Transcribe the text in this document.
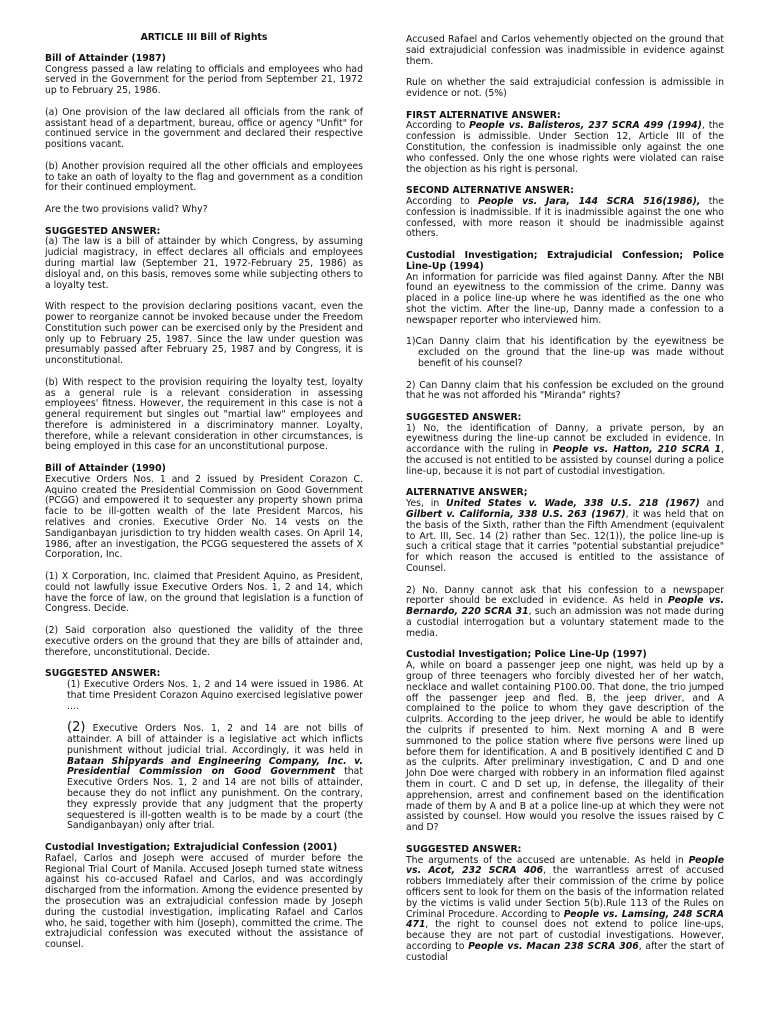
ARTICLE III Bill of Rights

Bill of Attainder (1987)

Congress passed a law relating to officials and employees who had served in the Government for the period from September 21, 1972 up to February 25, 1986.

(a) One provision of the law declared all officials from the rank of assistant head of a department, bureau, office or agency "Unfit" for continued service in the government and declared their respective positions vacant.

(b) Another provision required all the other officials and employees to take an oath of loyalty to the flag and government as a condition for their continued employment.

Are the two provisions valid? Why?

SUGGESTED ANSWER:

(a) The law is a bill of attainder by which Congress, by assuming judicial magistracy, in effect declares all officials and employees during martial law (September 21, 1972-February 25, 1986) as disloyal and, on this basis, removes some while subjecting others to a loyalty test.

With respect to the provision declaring positions vacant, even the power to reorganize cannot be invoked because under the Freedom Constitution such power can be exercised only by the President and only up to February 25, 1987. Since the law under question was presumably passed after February 25, 1987 and by Congress, it is unconstitutional.

(b) With respect to the provision requiring the loyalty test, loyalty as a general rule is a relevant consideration in assessing employees' fitness. However, the requirement in this case is not a general requirement but singles out "martial law" employees and therefore is administered in a discriminatory manner. Loyalty, therefore, while a relevant consideration in other circumstances, is being employed in this case for an unconstitutional purpose.

Bill of Attainder (1990)

Executive Orders Nos. 1 and 2 issued by President Corazon C. Aquino created the Presidential Commission on Good Government (PCGG) and empowered it to sequester any property shown prima facie to be ill-gotten wealth of the late President Marcos, his relatives and cronies. Executive Order No. 14 vests on the Sandiganbayan jurisdiction to try hidden wealth cases. On April 14, 1986, after an investigation, the PCGG sequestered the assets of X Corporation, Inc.

(1) X Corporation, Inc. claimed that President Aquino, as President, could not lawfully issue Executive Orders Nos. 1, 2 and 14, which have the force of law, on the ground that legislation is a function of Congress. Decide.

(2) Said corporation also questioned the validity of the three executive orders on the ground that they are bills of attainder and, therefore, unconstitutional. Decide.

SUGGESTED ANSWER:

(1) Executive Orders Nos. 1, 2 and 14 were issued in 1986. At that time President Corazon Aquino exercised legislative power ....

(2) Executive Orders Nos. 1, 2 and 14 are not bills of attainder. A bill of attainder is a legislative act which inflicts punishment without judicial trial. Accordingly, it was held in Bataan Shipyards and Engineering Company, Inc. v. Presidential Commission on Good Government that Executive Orders Nos. 1, 2 and 14 are not bills of attainder, because they do not inflict any punishment. On the contrary, they expressly provide that any judgment that the property sequestered is ill-gotten wealth is to be made by a court (the Sandiganbayan) only after trial.

Custodial Investigation; Extrajudicial Confession (2001)

Rafael, Carlos and Joseph were accused of murder before the Regional Trial Court of Manila. Accused Joseph turned state witness against his co-accused Rafael and Carlos, and was accordingly discharged from the information. Among the evidence presented by the prosecution was an extrajudicial confession made by Joseph during the custodial investigation, implicating Rafael and Carlos who, he said, together with him (Joseph), committed the crime. The extrajudicial confession was executed without the assistance of counsel.

Accused Rafael and Carlos vehemently objected on the ground that said extrajudicial confession was inadmissible in evidence against them.

Rule on whether the said extrajudicial confession is admissible in evidence or not. (5%)

FIRST ALTERNATIVE ANSWER:

According to People vs. Balisteros, 237 SCRA 499 (1994), the confession is admissible. Under Section 12, Article III of the Constitution, the confession is inadmissible only against the one who confessed. Only the one whose rights were violated can raise the objection as his right is personal.

SECOND ALTERNATIVE ANSWER:

According to People vs. Jara, 144 SCRA 516(1986), the confession is inadmissible. If it is inadmissible against the one who confessed, with more reason it should be inadmissible against others.

Custodial Investigation; Extrajudicial Confession; Police Line-Up (1994)

An information for parricide was filed against Danny. After the NBI found an eyewitness to the commission of the crime. Danny was placed in a police line-up where he was identified as the one who shot the victim. After the line-up, Danny made a confession to a newspaper reporter who interviewed him.

1)Can Danny claim that his identification by the eyewitness be excluded on the ground that the line-up was made without benefit of his counsel?

2) Can Danny claim that his confession be excluded on the ground that he was not afforded his "Miranda" rights?

SUGGESTED ANSWER:

1) No, the identification of Danny, a private person, by an eyewitness during the line-up cannot be excluded in evidence. In accordance with the ruling in People vs. Hatton, 210 SCRA 1, the accused is not entitled to be assisted by counsel during a police line-up, because it is not part of custodial investigation.

ALTERNATIVE ANSWER;

Yes, in United States v. Wade, 338 U.S. 218 (1967) and Gilbert v. California, 338 U.S. 263 (1967), it was held that on the basis of the Sixth, rather than the Fifth Amendment (equivalent to Art. III, Sec. 14 (2) rather than Sec. 12(1)), the police line-up is such a critical stage that it carries "potential substantial prejudice" for which reason the accused is entitled to the assistance of Counsel.

2) No. Danny cannot ask that his confession to a newspaper reporter should be excluded in evidence. As held in People vs. Bernardo, 220 SCRA 31, such an admission was not made during a custodial interrogation but a voluntary statement made to the media.

Custodial Investigation; Police Line-Up (1997)

A, while on board a passenger jeep one night, was held up by a group of three teenagers who forcibly divested her of her watch, necklace and wallet containing P100.00. That done, the trio jumped off the passenger jeep and fled. B, the jeep driver, and A complained to the police to whom they gave description of the culprits. According to the jeep driver, he would be able to identify the culprits if presented to him. Next morning A and B were summoned to the police station where five persons were lined up before them for identification. A and B positively identified C and D as the culprits. After preliminary investigation, C and D and one John Doe were charged with robbery in an information filed against them in court. C and D set up, in defense, the illegality of their apprehension, arrest and confinement based on the identification made of them by A and B at a police line-up at which they were not assisted by counsel. How would you resolve the issues raised by C and D?

SUGGESTED ANSWER:

The arguments of the accused are untenable. As held in People vs. Acot, 232 SCRA 406, the warrantless arrest of accused robbers Immediately after their commission of the crime by police officers sent to look for them on the basis of the information related by the victims is valid under Section 5(b).Rule 113 of the Rules on Criminal Procedure. According to People vs. Lamsing, 248 SCRA 471, the right to counsel does not extend to police line-ups, because they are not part of custodial investigations. However, according to People vs. Macan 238 SCRA 306, after the start of custodial
